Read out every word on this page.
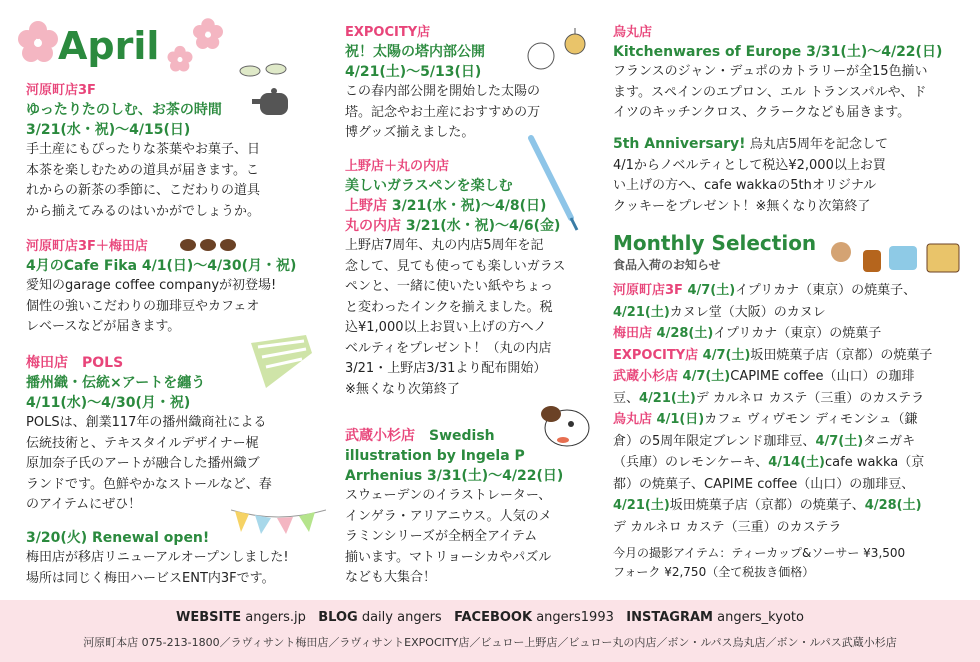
April
河原町店3F
ゆったりたのしむ、お茶の時間
3/21(水・祝)〜4/15(日)
手土産にもぴったりな茶葉やお菓子、日
本茶を楽しむための道具が届きます。こ
れからの新茶の季節に、こだわりの道具
から揃えてみるのはいかがでしょうか。
河原町店3F＋梅田店
4月のCafe Fika 4/1(日)〜4/30(月・祝)
愛知のgarage coffee companyが初登場!
個性の強いこだわりの珈琲豆やカフェオ
レベースなどが届きます。
梅田店　POLS
播州織・伝統×アートを纏う
4/11(水)〜4/30(月・祝)
POLSは、創業117年の播州織商社による
伝統技術と、テキスタイルデザイナー梶
原加奈子氏のアートが融合した播州織ブ
ランドです。色鮮やかなストールなど、春
のアイテムにぜひ！
3/20(火) Renewal open!
梅田店が移店リニューアルオープンしました!
場所は同じく梅田ハービスENT内3Fです。
EXPOCITY店
祝！太陽の塔内部公開
4/21(土)〜5/13(日)
この春内部公開を開始した太陽の
塔。記念やお土産におすすめの万
博グッズ揃えました。
上野店＋丸の内店
美しいガラスペンを楽しむ
上野店 3/21(水・祝)〜4/8(日)
丸の内店 3/21(水・祝)〜4/6(金)
上野店7周年、丸の内店5周年を記
念して、見ても使っても楽しいガラス
ペンと、一緒に使いたい紙やちょっ
と変わったインクを揃えました。税
込¥1,000以上お買い上げの方へノ
ベルティをプレゼント！（丸の内店
3/21・上野店3/31より配布開始）
※無くなり次第終了
武蔵小杉店　 Swedish
illustration by Ingela P
Arrhenius 3/31(土)〜4/22(日)
スウェーデンのイラストレーター、
インゲラ・アリアニウス。人気のメ
ラミンシリーズが全柄全アイテム
揃います。マトリョーシカやパズル
なども大集合！
烏丸店
Kitchenwares of Europe 3/31(土)〜4/22(日)
フランスのジャン・デュポのカトラリーが全15色揃い
ます。スペインのエプロン、エル トランスパルや、ド
イツのキッチンクロス、クラークなども届きます。
5th Anniversary! 烏丸店5周年を記念して
4/1からノベルティとして税込¥2,000以上お買
い上げの方へ、cafe wakkaの5thオリジナル
クッキーをプレゼント！※無くなり次第終了
Monthly Selection
食品入荷のお知らせ
河原町店3F 4/7(土)イプリカナ（東京）の焼菓子、
4/21(土)カヌレ堂（大阪）のカヌレ
梅田店 4/28(土)イプリカナ（東京）の焼菓子
EXPOCITY店 4/7(土)坂田焼菓子店（京都）の焼菓子
武蔵小杉店 4/7(土)CAPIME coffee（山口）の珈琲
豆、4/21(土)デ カルネロ カステ（三重）のカステラ
烏丸店 4/1(日)カフェ ヴィヴモン ディモンシュ（鎌
倉）の5周年限定ブレンド珈琲豆、4/7(土)タニガキ
（兵庫）のレモンケーキ、4/14(土)cafe wakka（京
都）の焼菓子、CAPIME coffee（山口）の珈琲豆、
4/21(土)坂田焼菓子店（京都）の焼菓子、4/28(土)
デ カルネロ カステ（三重）のカステラ
今月の撮影アイテム：ティーカップ&ソーサー ¥3,500
フォーク ¥2,750（全て税抜き価格）
WEBSITE angers.jp BLOG daily angers FACEBOOK angers1993 INSTAGRAM angers_kyoto
河原町本店 075-213-1800／ラヴィサント梅田店／ラヴィサントEXPOCITY店／ビュロー上野店／ビュロー丸の内店／ボン・ルパス烏丸店／ボン・ルパス武蔵小杉店
